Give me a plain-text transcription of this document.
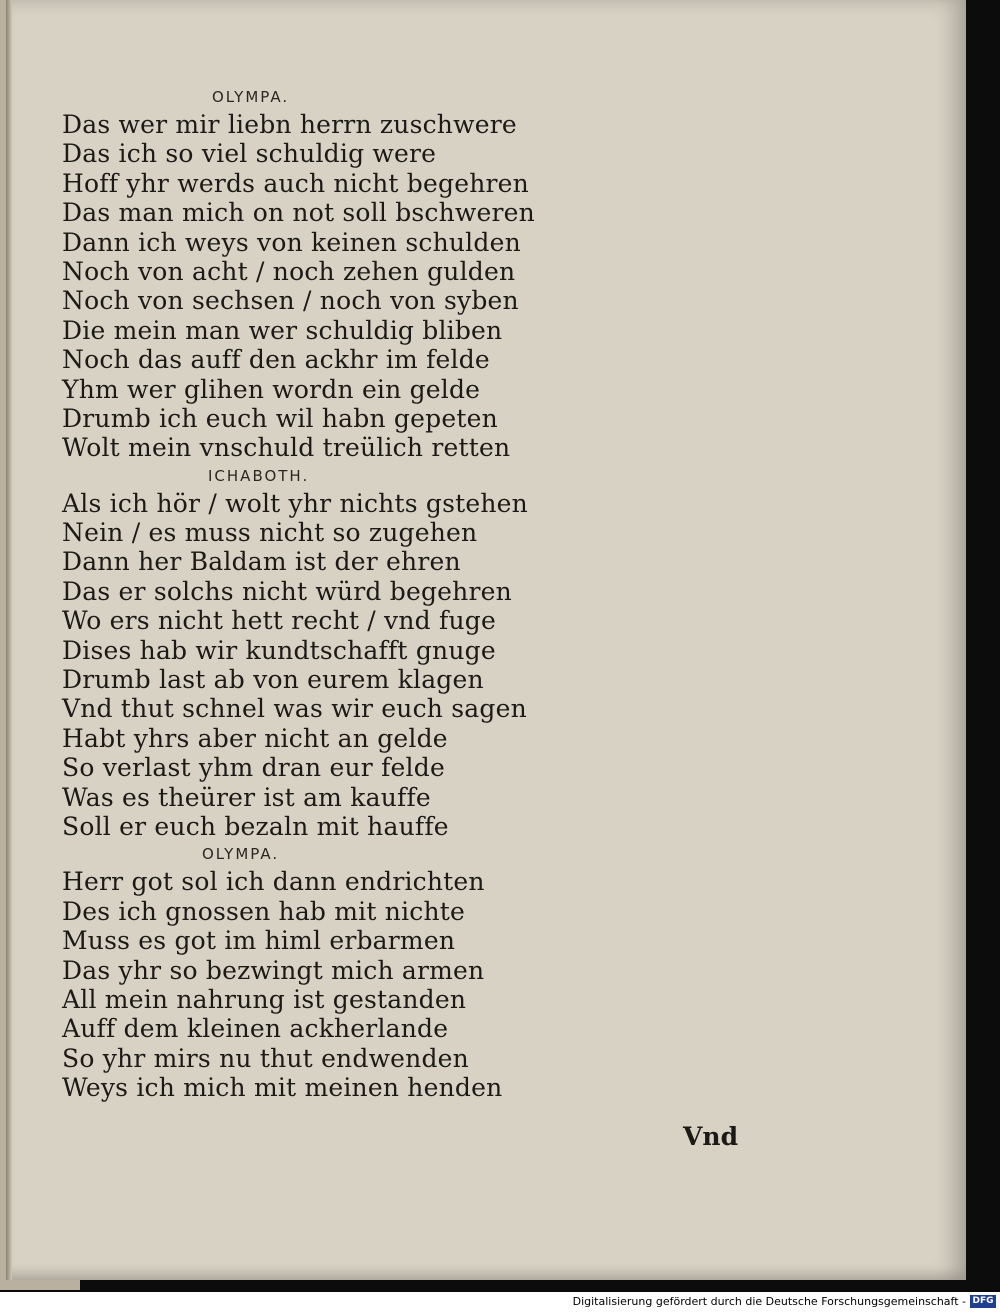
OLYMPA.
Das wer mir liebn herrn zuschwere
Das ich so viel schuldig were
Hoff yhr werds auch nicht begehren
Das man mich on not soll bschweren
Dann ich weys von keinen schulden
Noch von acht / noch zehen gulden
Noch von sechsen / noch von syben
Die mein man wer schuldig bliben
Noch das auff den ackhr im felde
Yhm wer glihen wordn ein gelde
Drumb ich euch wil habn gepeten
Wolt mein vnschuld treülich retten
ICHABOTH.
Als ich hör / wolt yhr nichts gstehen
Nein / es muss nicht so zugehen
Dann her Baldam ist der ehren
Das er solchs nicht würd begehren
Wo ers nicht hett recht / vnd fuge
Dises hab wir kundtschafft gnuge
Drumb last ab von eurem klagen
Vnd thut schnel was wir euch sagen
Habt yhrs aber nicht an gelde
So verlast yhm dran eur felde
Was es theürer ist am kauffe
Soll er euch bezaln mit hauffe
OLYMPA.
Herr got sol ich dann endrichten
Des ich gnossen hab mit nichte
Muss es got im himl erbarmen
Das yhr so bezwingt mich armen
All mein nahrung ist gestanden
Auff dem kleinen ackherlande
So yhr mirs nu thut endwenden
Weys ich mich mit meinen henden
Vnd
Digitalisierung gefördert durch die Deutsche Forschungsgemeinschaft - DFG
